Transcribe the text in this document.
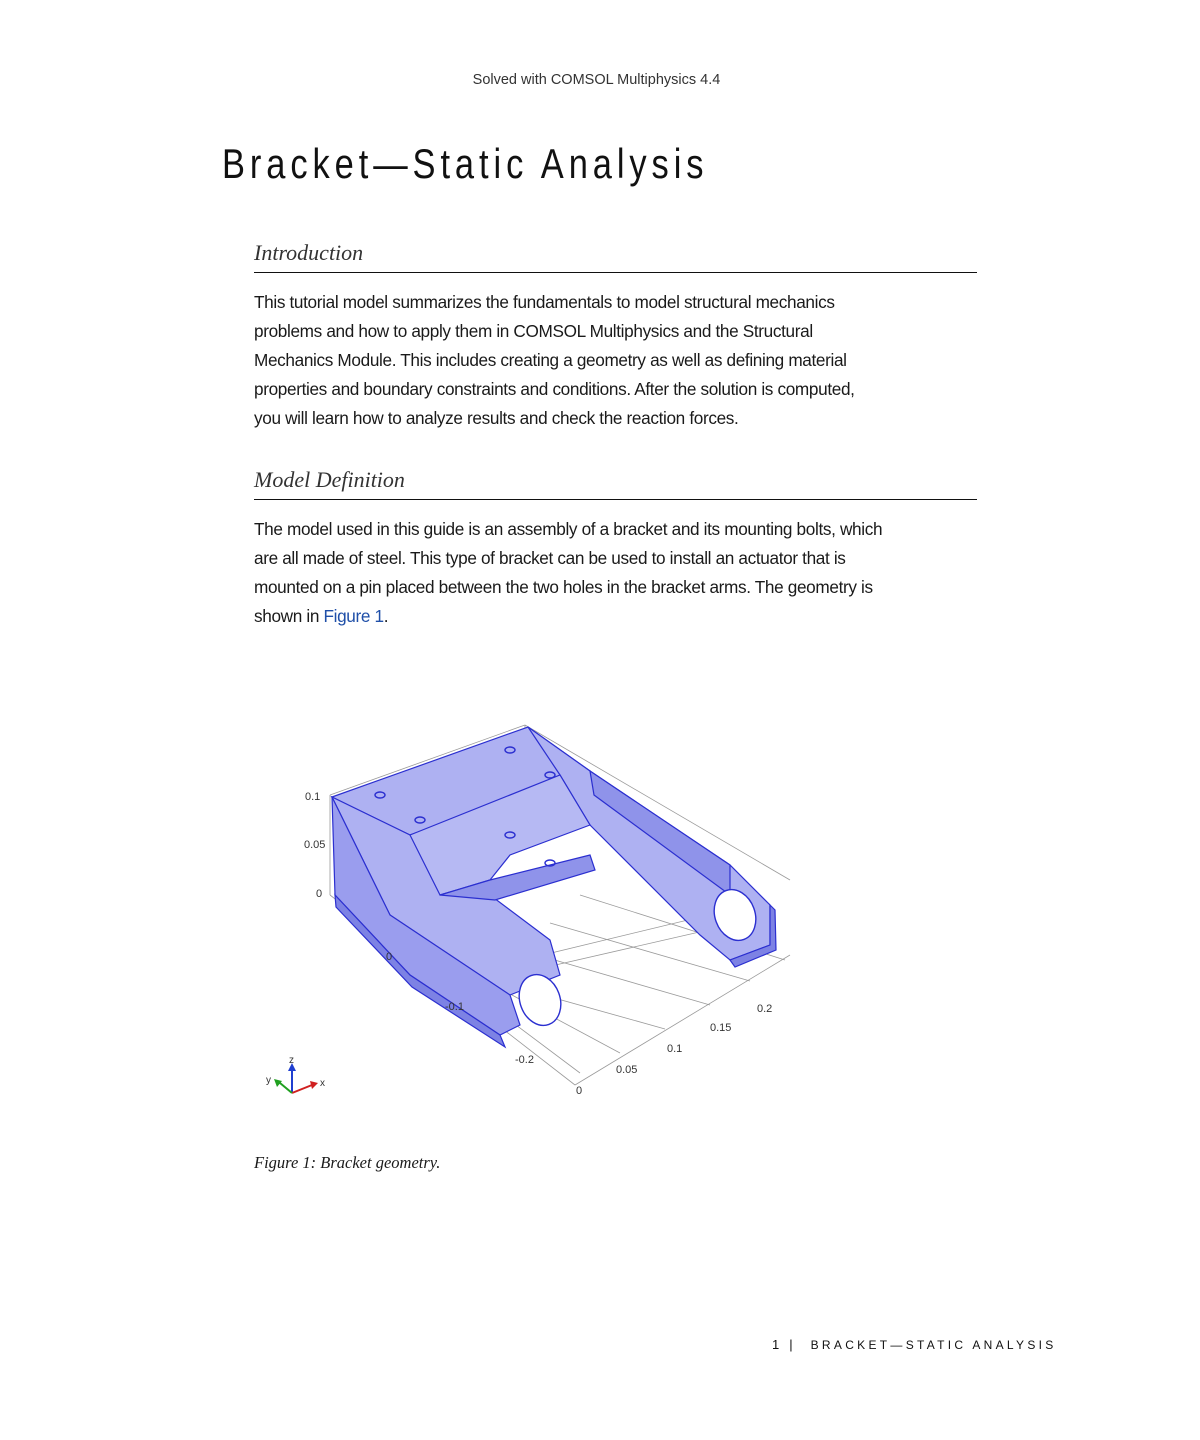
Solved with COMSOL Multiphysics 4.4
Bracket—Static Analysis
Introduction
This tutorial model summarizes the fundamentals to model structural mechanics
problems and how to apply them in COMSOL Multiphysics and the Structural
Mechanics Module. This includes creating a geometry as well as defining material
properties and boundary constraints and conditions. After the solution is computed,
you will learn how to analyze results and check the reaction forces.
Model Definition
The model used in this guide is an assembly of a bracket and its mounting bolts, which
are all made of steel. This type of bracket can be used to install an actuator that is
mounted on a pin placed between the two holes in the bracket arms. The geometry is
shown in Figure 1.
0.1
0.05
0
0
-0.1
-0.2
0
0.05
0.1
0.15
0.2
z
x
y

Figure 1: Bracket geometry.

1 | BRACKET—STATIC ANALYSIS
